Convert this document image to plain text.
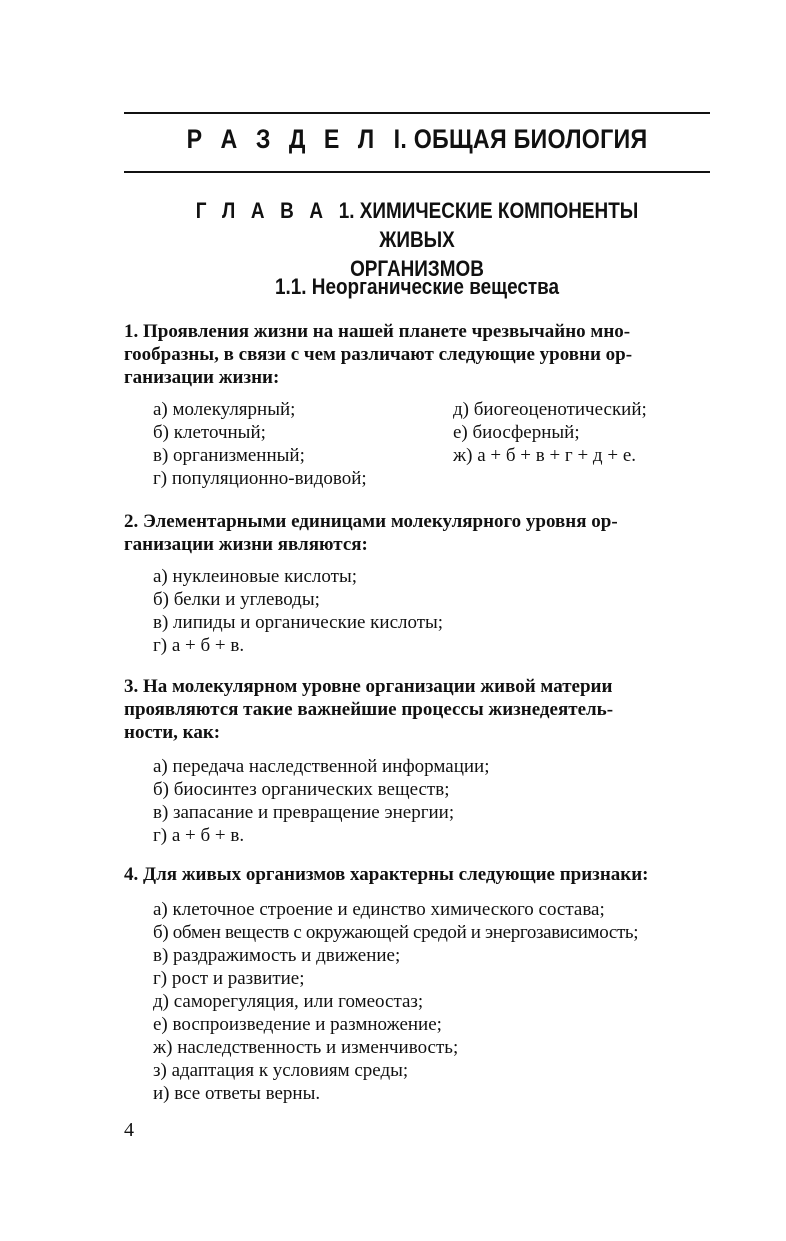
Р А З Д Е Л I. ОБЩАЯ БИОЛОГИЯ
Г Л А В А 1. ХИМИЧЕСКИЕ КОМПОНЕНТЫ ЖИВЫХ
ОРГАНИЗМОВ
1.1. Неорганические вещества
1. Проявления жизни на нашей планете чрезвычайно мно-
гообразны, в связи с чем различают следующие уровни ор-
ганизации жизни:
а) молекулярный;
б) клеточный;
в) организменный;
г) популяционно-видовой;
д) биогеоценотический;
е) биосферный;
ж) а + б + в + г + д + е.
2. Элементарными единицами молекулярного уровня ор-
ганизации жизни являются:
а) нуклеиновые кислоты;
б) белки и углеводы;
в) липиды и органические кислоты;
г) а + б + в.
3. На молекулярном уровне организации живой материи
проявляются такие важнейшие процессы жизнедеятель-
ности, как:
а) передача наследственной информации;
б) биосинтез органических веществ;
в) запасание и превращение энергии;
г) а + б + в.
4. Для живых организмов характерны следующие признаки:
а) клеточное строение и единство химического состава;
б) обмен веществ с окружающей средой и энергозависимость;
в) раздражимость и движение;
г) рост и развитие;
д) саморегуляция, или гомеостаз;
е) воспроизведение и размножение;
ж) наследственность и изменчивость;
з) адаптация к условиям среды;
и) все ответы верны.
4
